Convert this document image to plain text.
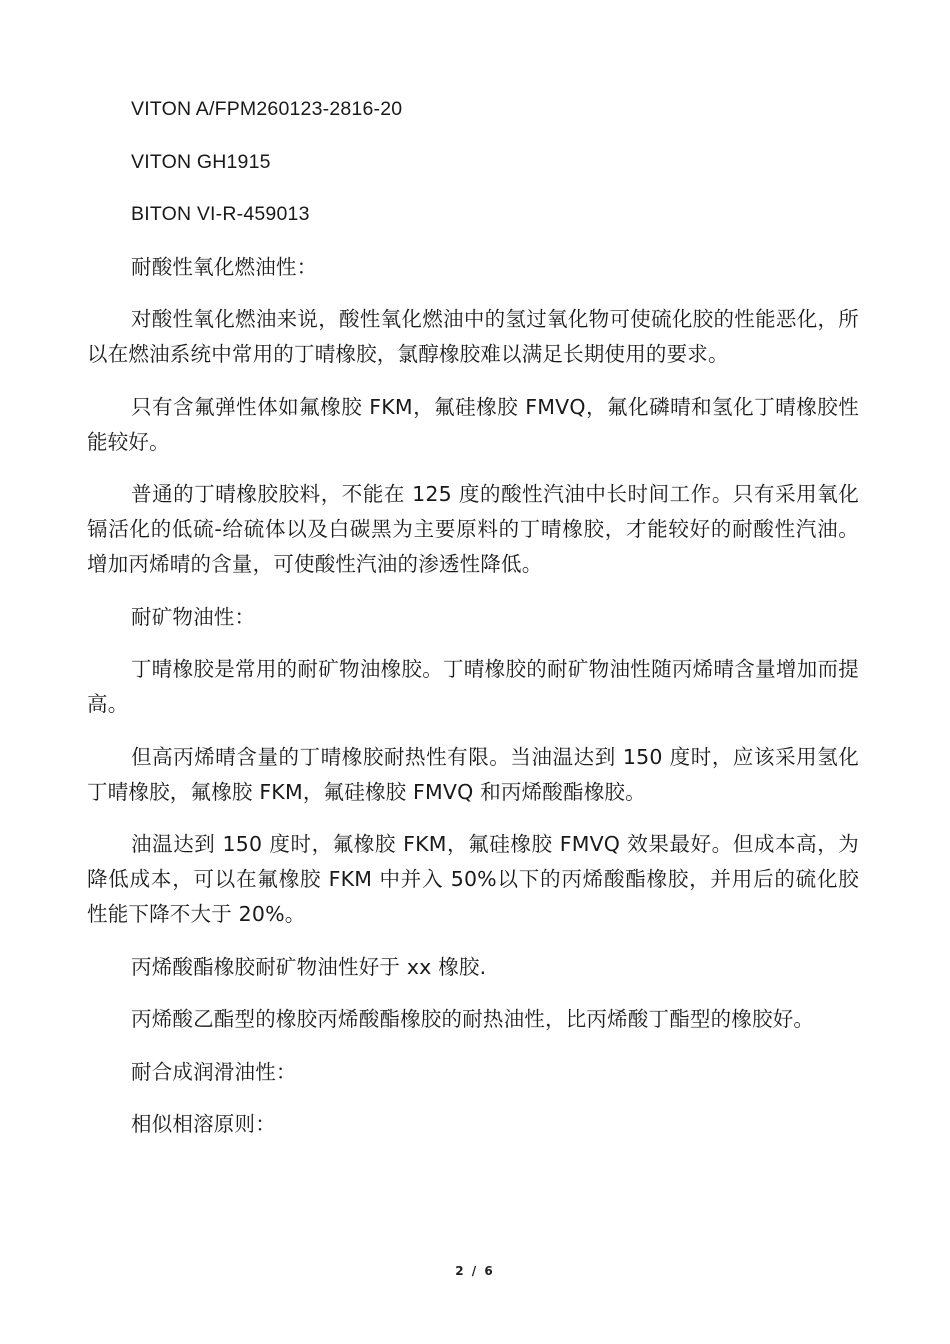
VITON A/FPM260123-2816-20

VITON GH1915

BITON VI-R-459013

耐酸性氧化燃油性：

对酸性氧化燃油来说，酸性氧化燃油中的氢过氧化物可使硫化胶的性能恶化，所以在燃油系统中常用的丁晴橡胶，氯醇橡胶难以满足长期使用的要求。

只有含氟弹性体如氟橡胶 FKM，氟硅橡胶 FMVQ，氟化磷晴和氢化丁晴橡胶性能较好。

普通的丁晴橡胶胶料，不能在 125 度的酸性汽油中长时间工作。只有采用氧化镉活化的低硫-给硫体以及白碳黑为主要原料的丁晴橡胶，才能较好的耐酸性汽油。增加丙烯晴的含量，可使酸性汽油的渗透性降低。

耐矿物油性：

丁晴橡胶是常用的耐矿物油橡胶。丁晴橡胶的耐矿物油性随丙烯晴含量增加而提高。

但高丙烯晴含量的丁晴橡胶耐热性有限。当油温达到 150 度时，应该采用氢化丁晴橡胶，氟橡胶 FKM，氟硅橡胶 FMVQ 和丙烯酸酯橡胶。

油温达到 150 度时，氟橡胶 FKM，氟硅橡胶 FMVQ 效果最好。但成本高，为降低成本，可以在氟橡胶 FKM 中并入 50%以下的丙烯酸酯橡胶，并用后的硫化胶性能下降不大于 20%。

丙烯酸酯橡胶耐矿物油性好于 xx 橡胶.

丙烯酸乙酯型的橡胶丙烯酸酯橡胶的耐热油性，比丙烯酸丁酯型的橡胶好。

耐合成润滑油性：

相似相溶原则：

2 / 6
